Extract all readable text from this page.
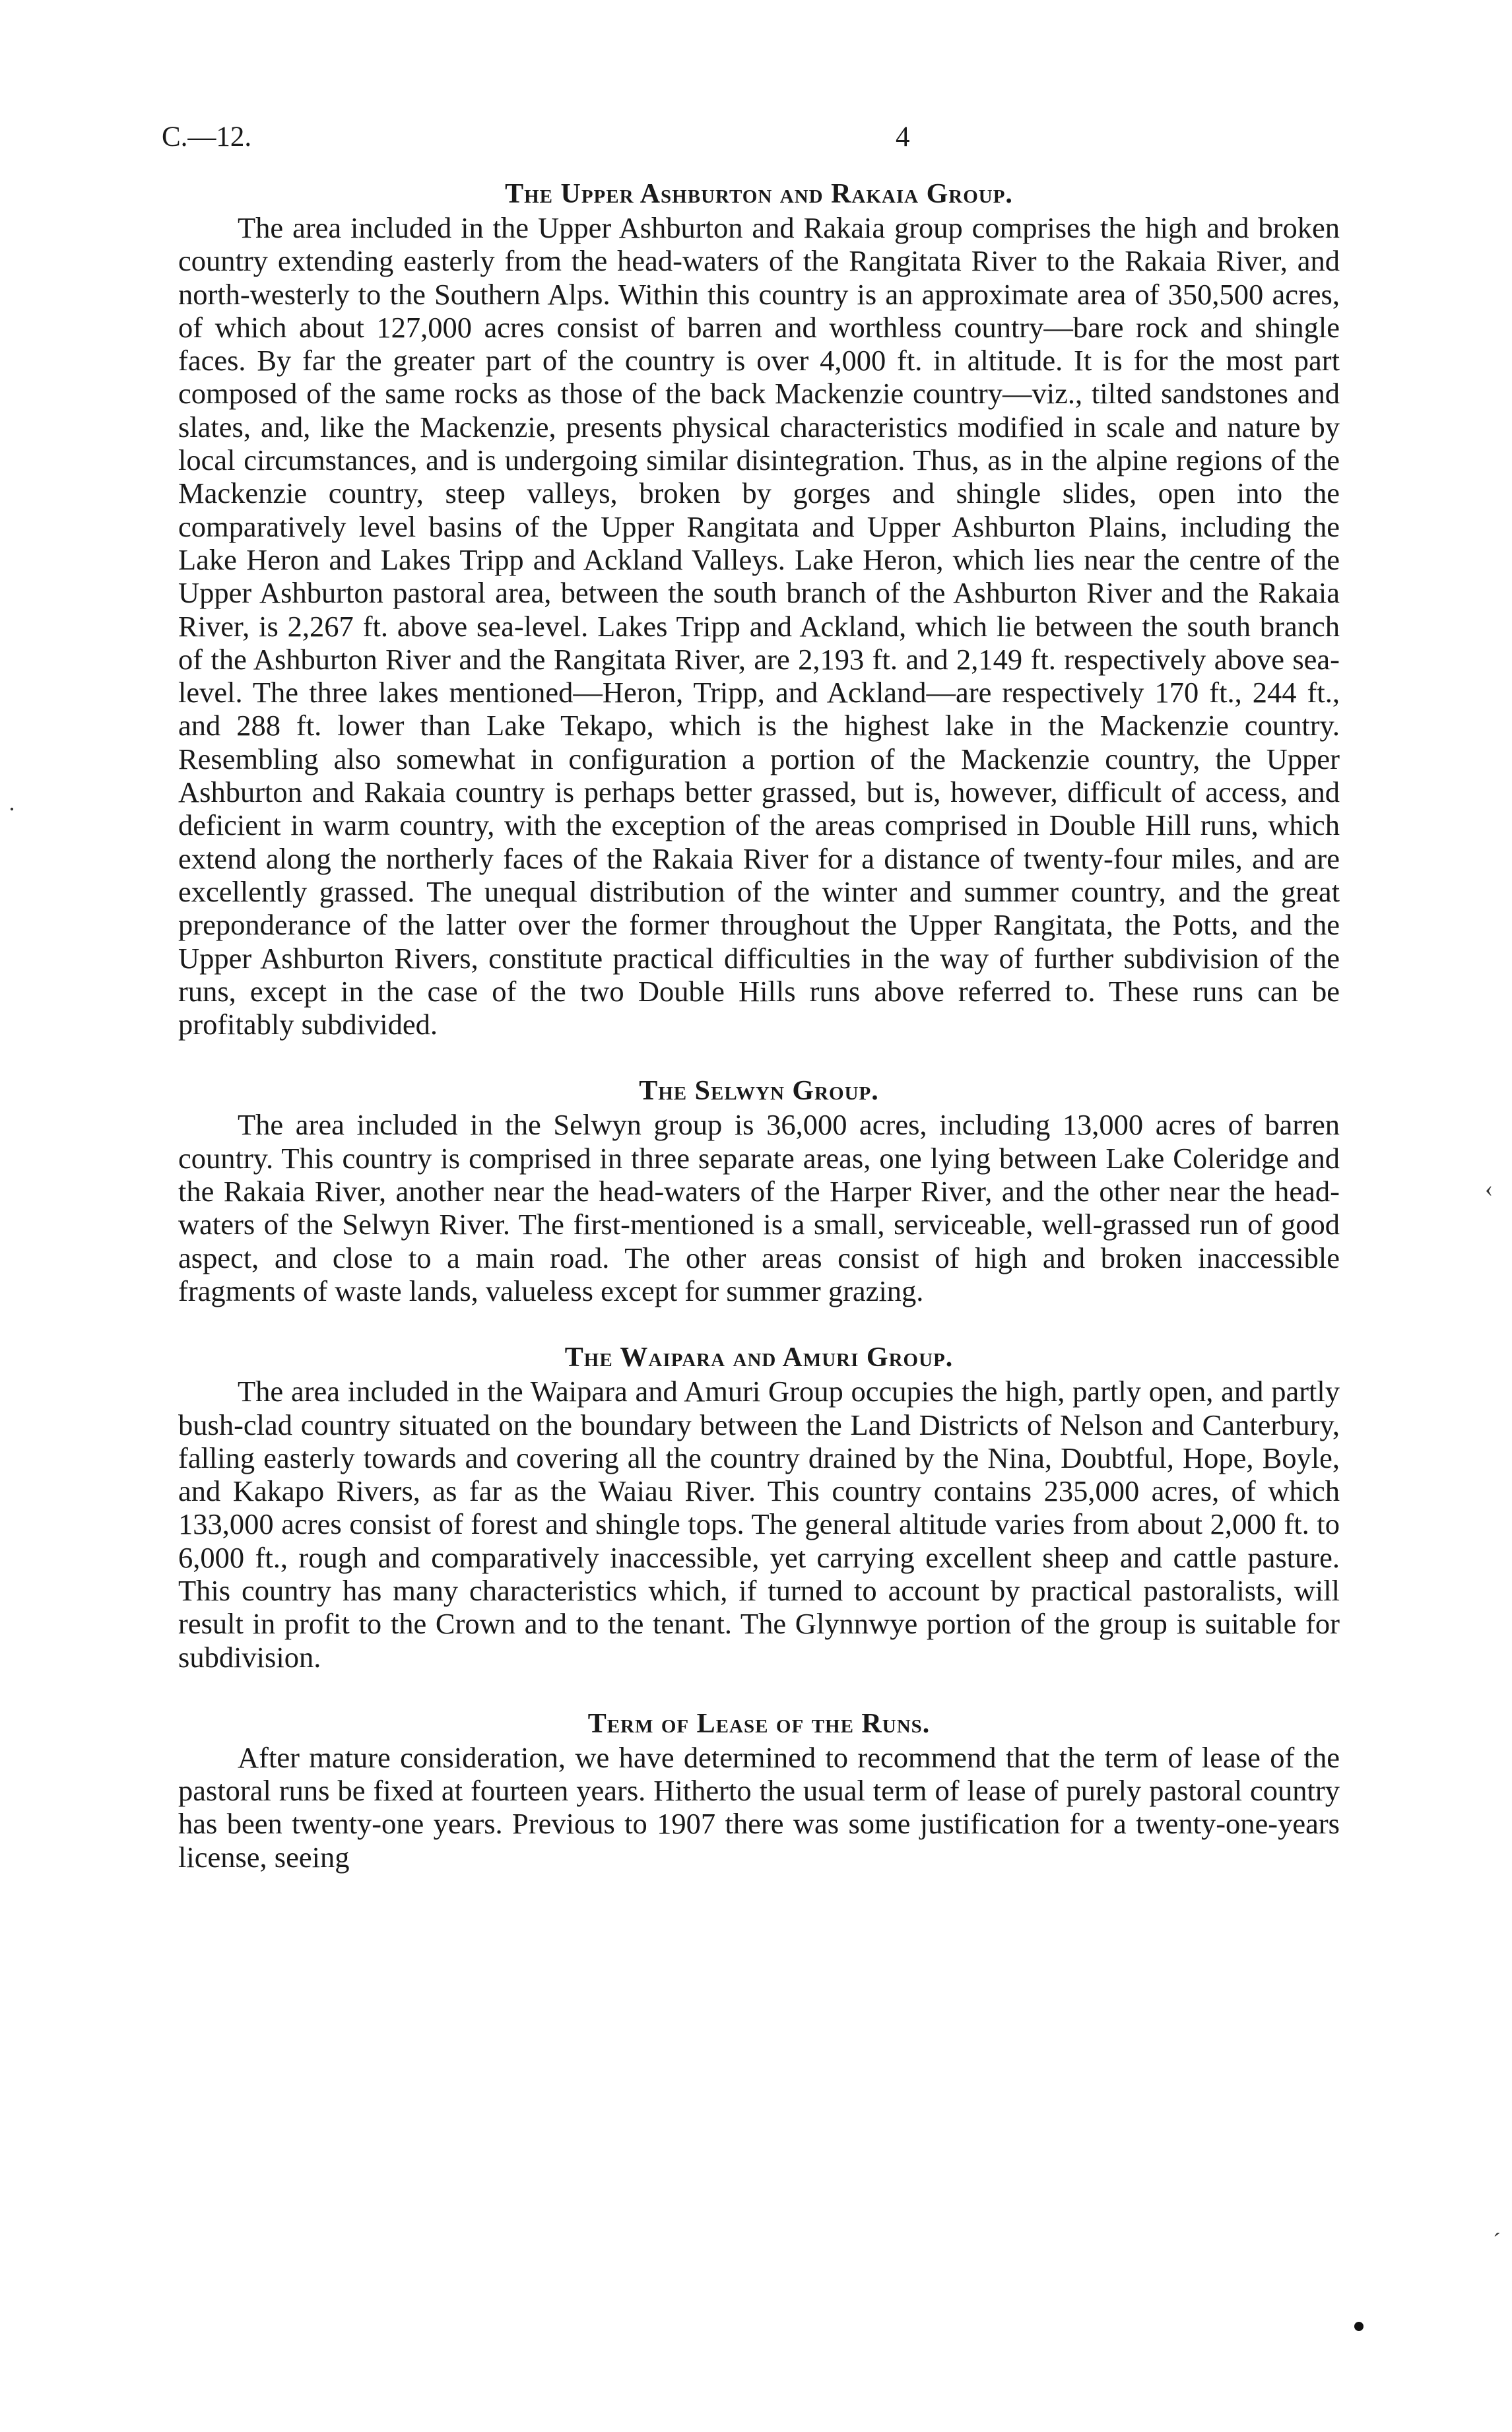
C.—12.	4
The Upper Ashburton and Rakaia Group.

The area included in the Upper Ashburton and Rakaia group comprises the high and broken country extending easterly from the head-waters of the Rangitata River to the Rakaia River, and north-westerly to the Southern Alps. Within this country is an approximate area of 350,500 acres, of which about 127,000 acres consist of barren and worthless country—bare rock and shingle faces. By far the greater part of the country is over 4,000 ft. in altitude. It is for the most part composed of the same rocks as those of the back Mackenzie country—viz., tilted sandstones and slates, and, like the Mackenzie, presents physical characteristics modified in scale and nature by local circumstances, and is undergoing similar disintegration. Thus, as in the alpine regions of the Mackenzie country, steep valleys, broken by gorges and shingle slides, open into the comparatively level basins of the Upper Rangitata and Upper Ashburton Plains, including the Lake Heron and Lakes Tripp and Ackland Valleys. Lake Heron, which lies near the centre of the Upper Ashburton pastoral area, between the south branch of the Ashburton River and the Rakaia River, is 2,267 ft. above sea-level. Lakes Tripp and Ackland, which lie between the south branch of the Ashburton River and the Rangitata River, are 2,193 ft. and 2,149 ft. respectively above sea-level. The three lakes mentioned—Heron, Tripp, and Ackland—are respectively 170 ft., 244 ft., and 288 ft. lower than Lake Tekapo, which is the highest lake in the Mackenzie country. Resembling also somewhat in configuration a portion of the Mackenzie country, the Upper Ashburton and Rakaia country is perhaps better grassed, but is, however, difficult of access, and deficient in warm country, with the exception of the areas comprised in Double Hill runs, which extend along the northerly faces of the Rakaia River for a distance of twenty-four miles, and are excellently grassed. The unequal distribution of the winter and summer country, and the great preponderance of the latter over the former throughout the Upper Rangitata, the Potts, and the Upper Ashburton Rivers, constitute practical difficulties in the way of further subdivision of the runs, except in the case of the two Double Hills runs above referred to. These runs can be profitably subdivided.

The Selwyn Group.

The area included in the Selwyn group is 36,000 acres, including 13,000 acres of barren country. This country is comprised in three separate areas, one lying between Lake Coleridge and the Rakaia River, another near the head-waters of the Harper River, and the other near the head-waters of the Selwyn River. The first-mentioned is a small, serviceable, well-grassed run of good aspect, and close to a main road. The other areas consist of high and broken inaccessible fragments of waste lands, valueless except for summer grazing.

The Waipara and Amuri Group.

The area included in the Waipara and Amuri Group occupies the high, partly open, and partly bush-clad country situated on the boundary between the Land Districts of Nelson and Canterbury, falling easterly towards and covering all the country drained by the Nina, Doubtful, Hope, Boyle, and Kakapo Rivers, as far as the Waiau River. This country contains 235,000 acres, of which 133,000 acres consist of forest and shingle tops. The general altitude varies from about 2,000 ft. to 6,000 ft., rough and comparatively inaccessible, yet carrying excellent sheep and cattle pasture. This country has many characteristics which, if turned to account by practical pastoralists, will result in profit to the Crown and to the tenant. The Glynnwye portion of the group is suitable for subdivision.

Term of Lease of the Runs.

After mature consideration, we have determined to recommend that the term of lease of the pastoral runs be fixed at fourteen years. Hitherto the usual term of lease of purely pastoral country has been twenty-one years. Previous to 1907 there was some justification for a twenty-one-years license, seeing

·
‹
´
